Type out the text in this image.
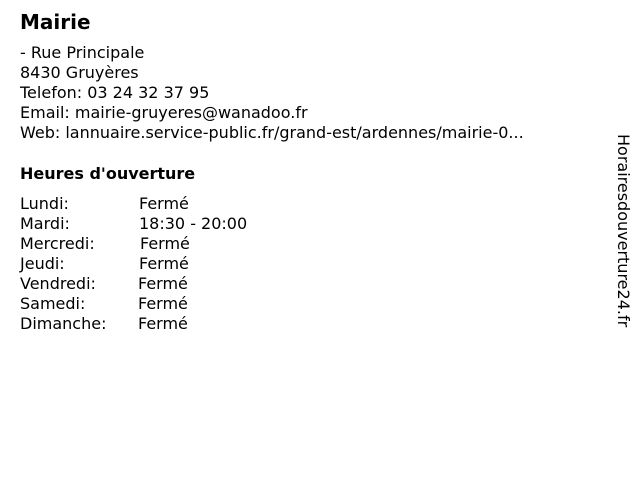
Mairie
- Rue Principale
8430 Gruyères
Telefon: 03 24 32 37 95
Email: mairie-gruyeres@wanadoo.fr
Web: lannuaire.service-public.fr/grand-est/ardennes/mairie-0...
Heures d'ouverture
Lundi:	Fermé
Mardi:	18:30 - 20:00
Mercredi:	Fermé
Jeudi:	Fermé
Vendredi:	Fermé
Samedi:	Fermé
Dimanche: Fermé	Horairesdouverture24.fr
